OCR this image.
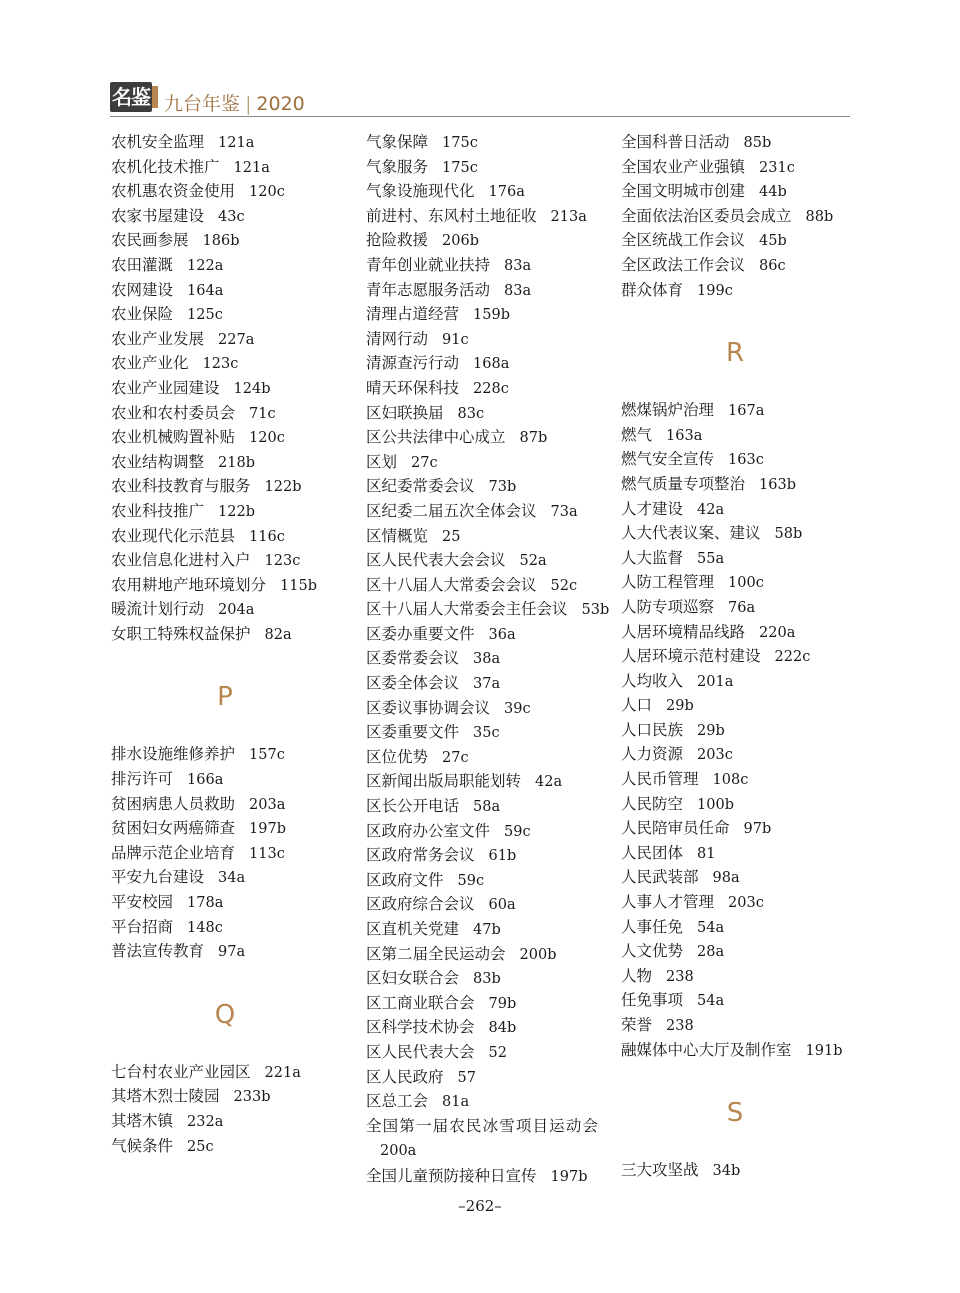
名鉴 九台年鉴 | 2020
农机安全监理 121a
农机化技术推广 121a
农机惠农资金使用 120c
农家书屋建设 43c
农民画参展 186b
农田灌溉 122a
农网建设 164a
农业保险 125c
农业产业发展 227a
农业产业化 123c
农业产业园建设 124b
农业和农村委员会 71c
农业机械购置补贴 120c
农业结构调整 218b
农业科技教育与服务 122b
农业科技推广 122b
农业现代化示范县 116c
农业信息化进村入户 123c
农用耕地产地环境划分 115b
暖流计划行动 204a
女职工特殊权益保护 82a
P
排水设施维修养护 157c
排污许可 166a
贫困病患人员救助 203a
贫困妇女两癌筛查 197b
品牌示范企业培育 113c
平安九台建设 34a
平安校园 178a
平台招商 148c
普法宣传教育 97a
Q
七台村农业产业园区 221a
其塔木烈士陵园 233b
其塔木镇 232a
气候条件 25c
气象保障 175c
气象服务 175c
气象设施现代化 176a
前进村、东风村土地征收 213a
抢险救援 206b
青年创业就业扶持 83a
青年志愿服务活动 83a
清理占道经营 159b
清网行动 91c
清源查污行动 168a
晴天环保科技 228c
区妇联换届 83c
区公共法律中心成立 87b
区划 27c
区纪委常委会议 73b
区纪委二届五次全体会议 73a
区情概览 25
区人民代表大会会议 52a
区十八届人大常委会会议 52c
区十八届人大常委会主任会议 53b
区委办重要文件 36a
区委常委会议 38a
区委全体会议 37a
区委议事协调会议 39c
区委重要文件 35c
区位优势 27c
区新闻出版局职能划转 42a
区长公开电话 58a
区政府办公室文件 59c
区政府常务会议 61b
区政府文件 59c
区政府综合会议 60a
区直机关党建 47b
区第二届全民运动会 200b
区妇女联合会 83b
区工商业联合会 79b
区科学技术协会 84b
区人民代表大会 52
区人民政府 57
区总工会 81a
全国第一届农民冰雪项目运动会200a
全国儿童预防接种日宣传 197b
全国科普日活动 85b
全国农业产业强镇 231c
全国文明城市创建 44b
全面依法治区委员会成立 88b
全区统战工作会议 45b
全区政法工作会议 86c
群众体育 199c
R
燃煤锅炉治理 167a
燃气 163a
燃气安全宣传 163c
燃气质量专项整治 163b
人才建设 42a
人大代表议案、建议 58b
人大监督 55a
人防工程管理 100c
人防专项巡察 76a
人居环境精品线路 220a
人居环境示范村建设 222c
人均收入 201a
人口 29b
人口民族 29b
人力资源 203c
人民币管理 108c
人民防空 100b
人民陪审员任命 97b
人民团体 81
人民武装部 98a
人事人才管理 203c
人事任免 54a
人文优势 28a
人物 238
任免事项 54a
荣誉 238
融媒体中心大厅及制作室 191b
S
三大攻坚战 34b
–262–
